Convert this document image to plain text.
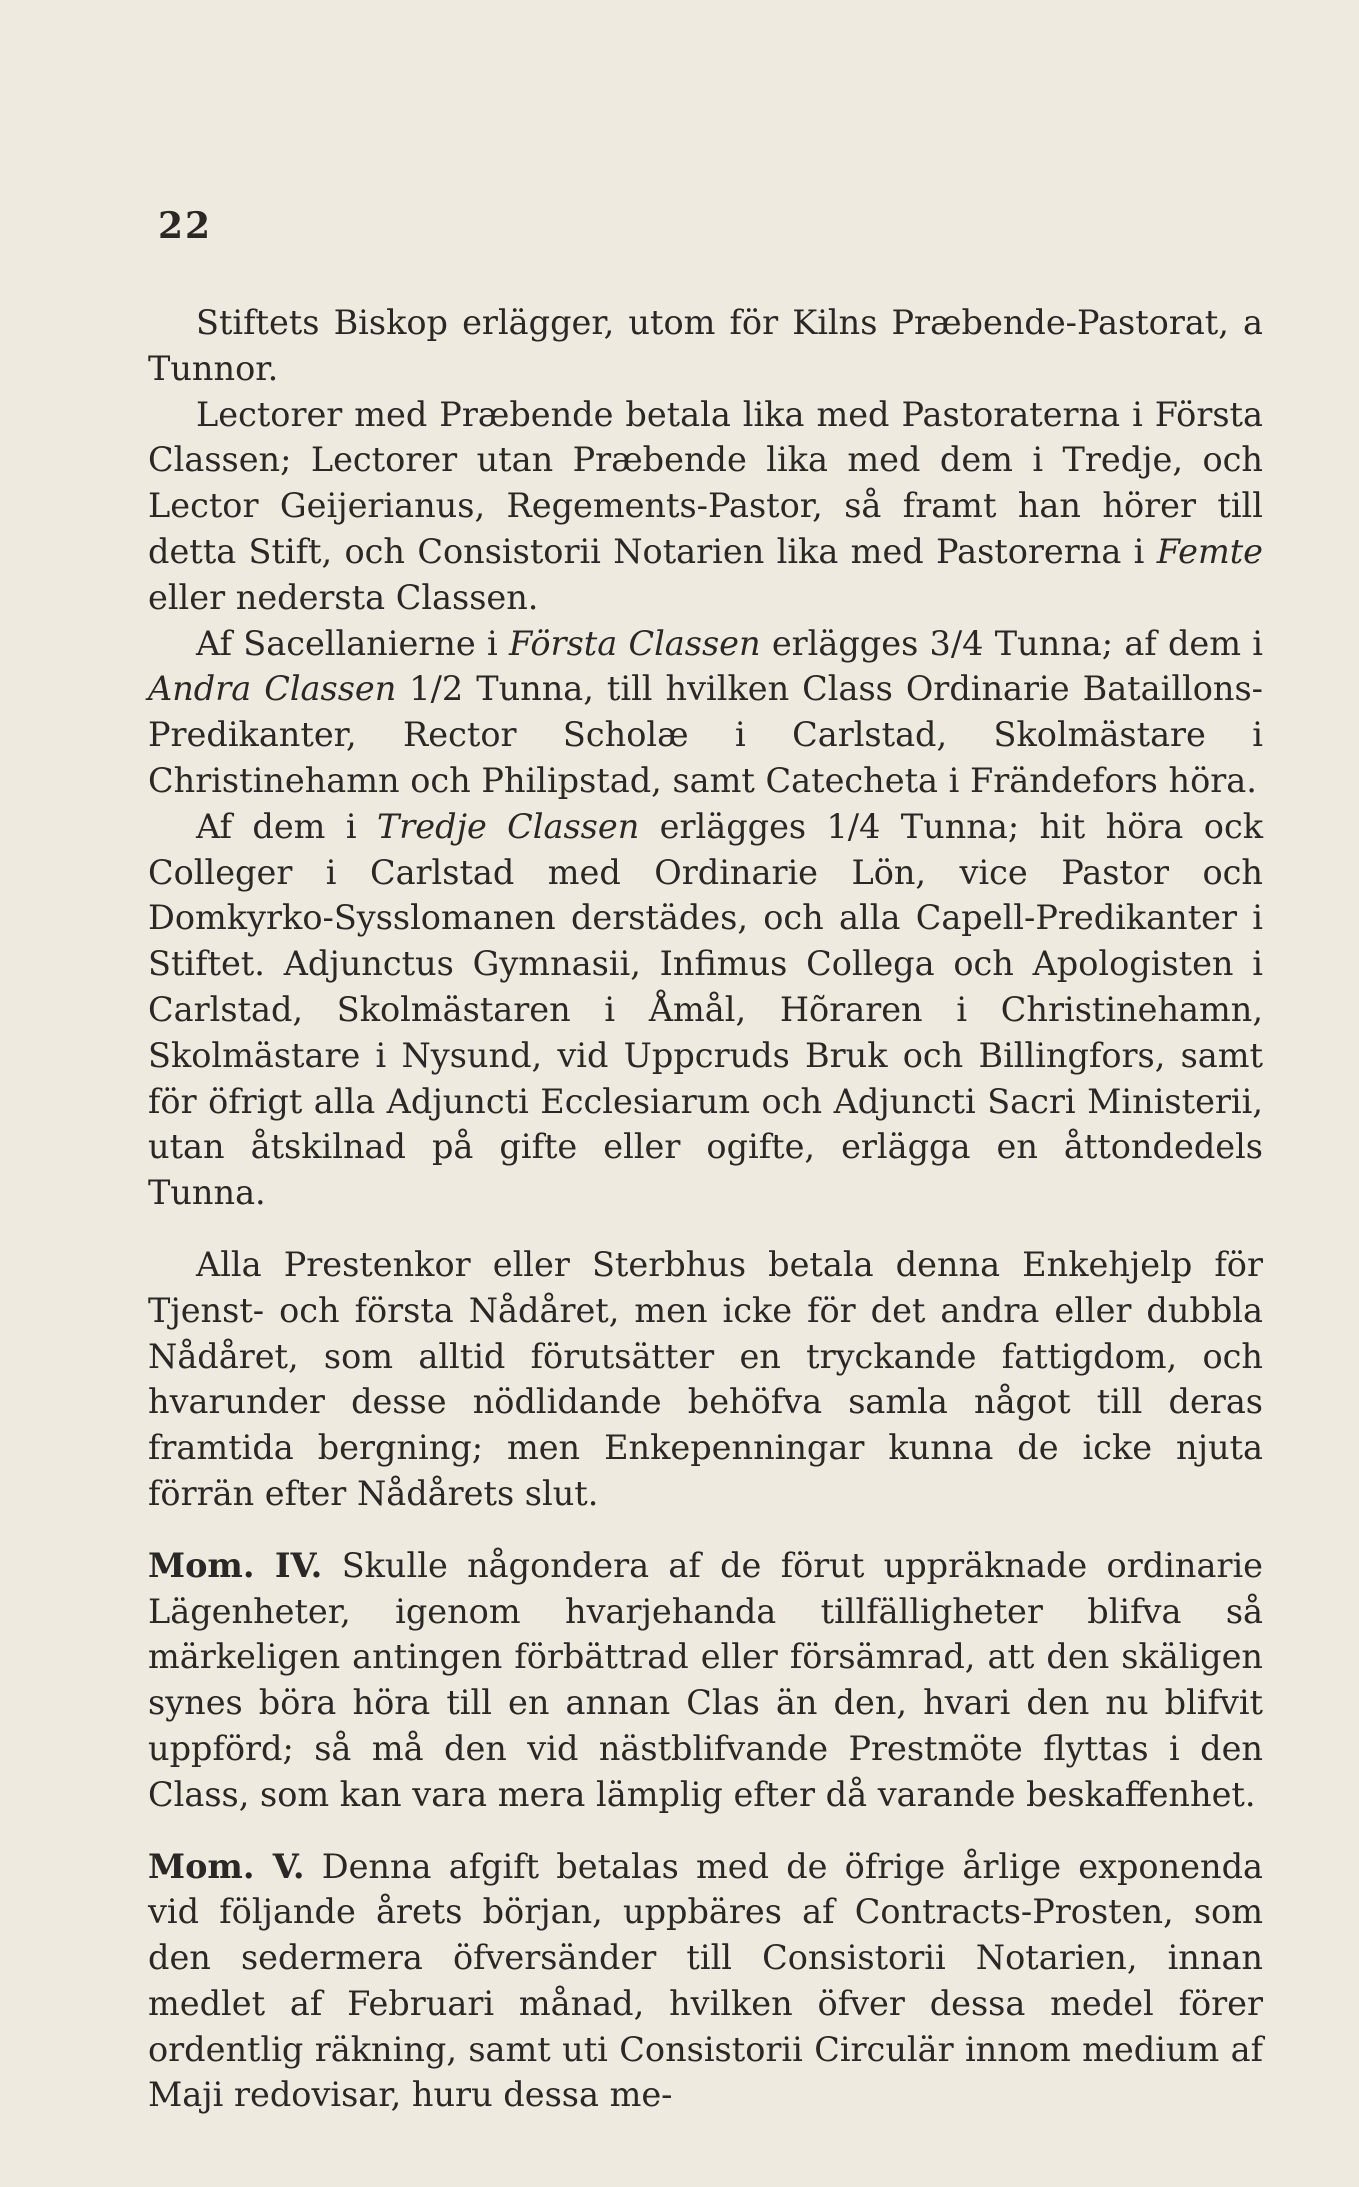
22

Stiftets Biskop erlägger, utom för Kilns Præbende-Pastorat, a Tunnor.

Lectorer med Præbende betala lika med Pastoraterna i Första Classen; Lectorer utan Præbende lika med dem i Tredje, och Lector Geijerianus, Regements-Pastor, så framt han hörer till detta Stift, och Consistorii Notarien lika med Pastorerna i Femte eller nedersta Classen.

Af Sacellanierne i Första Classen erlägges 3/4 Tunna; af dem i Andra Classen 1/2 Tunna, till hvilken Class Ordinarie Bataillons-Predikanter, Rector Scholæ i Carlstad, Skolmästare i Christinehamn och Philipstad, samt Catecheta i Frändefors höra.

Af dem i Tredje Classen erlägges 1/4 Tunna; hit höra ock Colleger i Carlstad med Ordinarie Lön, vice Pastor och Domkyrko-Sysslomanen derstädes, och alla Capell-Predikanter i Stiftet. Adjunctus Gymnasii, Infimus Collega och Apologisten i Carlstad, Skolmästaren i Åmål, Hõraren i Christinehamn, Skolmästare i Nysund, vid Uppcruds Bruk och Billingfors, samt för öfrigt alla Adjuncti Ecclesiarum och Adjuncti Sacri Ministerii, utan åtskilnad på gifte eller ogifte, erlägga en åttondedels Tunna.

Alla Prestenkor eller Sterbhus betala denna Enkehjelp för Tjenst- och första Nådåret, men icke för det andra eller dubbla Nådåret, som alltid förutsätter en tryckande fattigdom, och hvarunder desse nödlidande behöfva samla något till deras framtida bergning; men Enkepenningar kunna de icke njuta förrän efter Nådårets slut.

Mom. IV. Skulle någondera af de förut uppräknade ordinarie Lägenheter, igenom hvarjehanda tillfälligheter blifva så märkeligen antingen förbättrad eller försämrad, att den skäligen synes böra höra till en annan Clas än den, hvari den nu blifvit uppförd; så må den vid nästblifvande Prestmöte flyttas i den Class, som kan vara mera lämplig efter då varande beskaffenhet.

Mom. V. Denna afgift betalas med de öfrige årlige exponenda vid följande årets början, uppbäres af Contracts-Prosten, som den sedermera öfversänder till Consistorii Notarien, innan medlet af Februari månad, hvilken öfver dessa medel förer ordentlig räkning, samt uti Consistorii Circulär innom medium af Maji redovisar, huru dessa me-
